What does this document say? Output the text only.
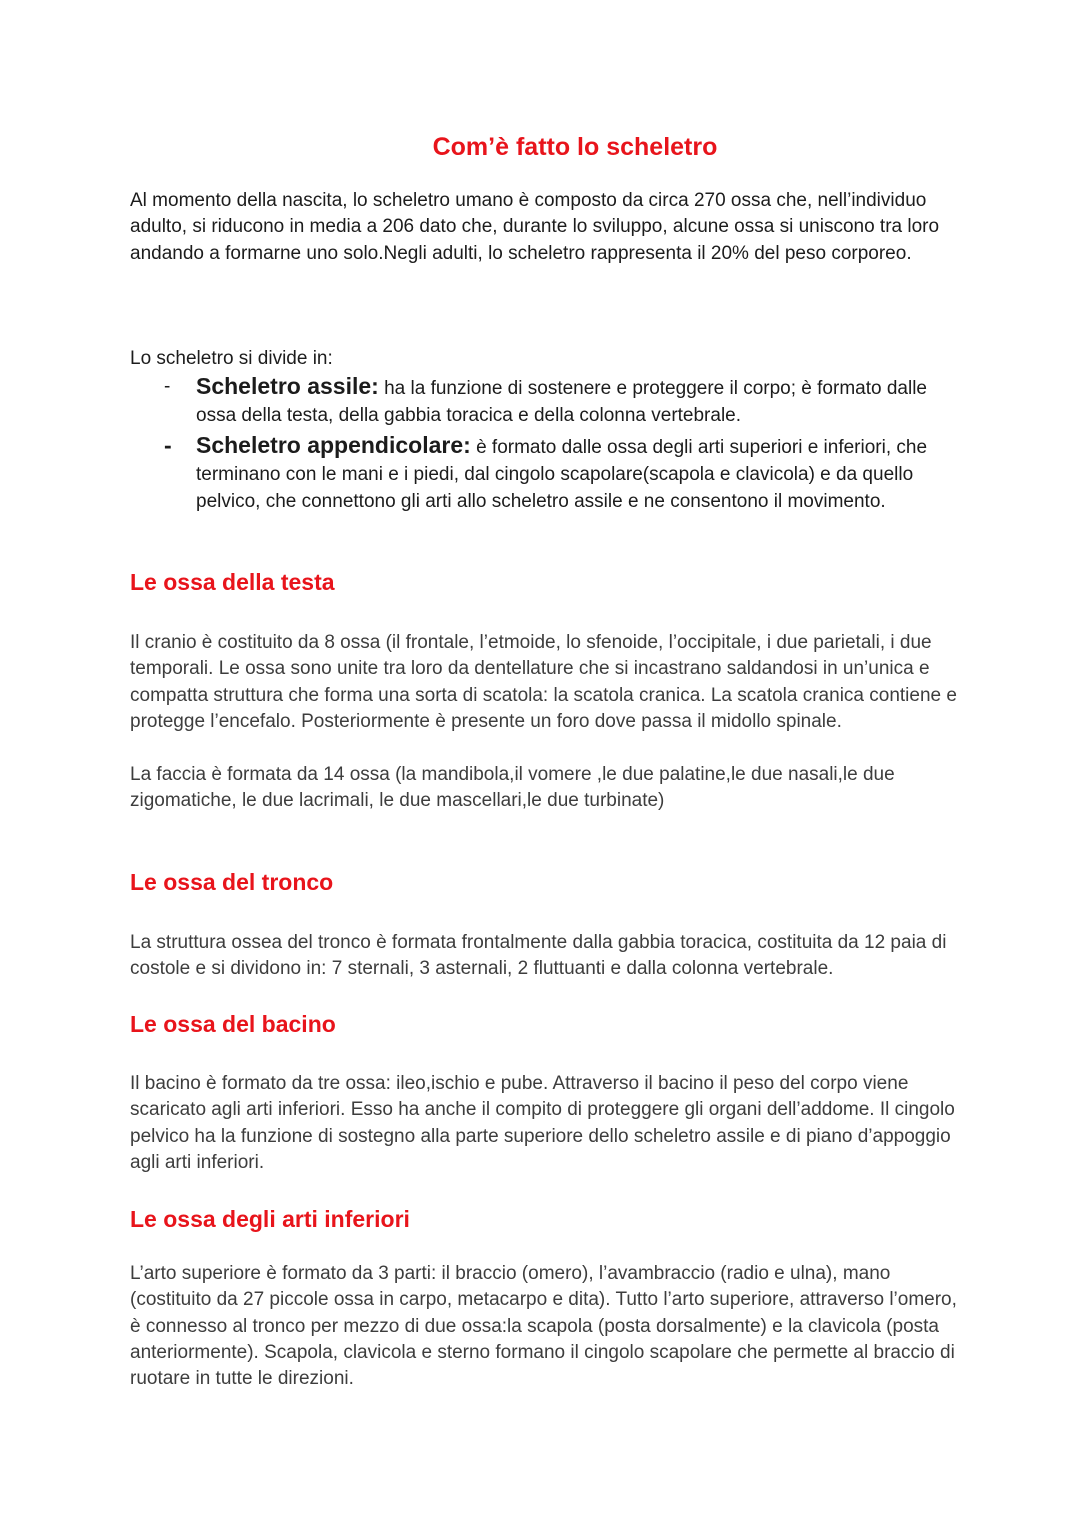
Com’è fatto lo scheletro

Al momento della nascita, lo scheletro umano è composto da circa 270 ossa che, nell’individuo adulto, si riducono in media a 206 dato che, durante lo sviluppo, alcune ossa si uniscono tra loro andando a formarne uno solo.Negli adulti, lo scheletro rappresenta il 20% del peso corporeo.

Lo scheletro si divide in:

- Scheletro assile: ha la funzione di sostenere e proteggere il corpo; è formato dalle ossa della testa, della gabbia toracica e della colonna vertebrale.
- Scheletro appendicolare: è formato dalle ossa degli arti superiori e inferiori, che terminano con le mani e i piedi, dal cingolo scapolare(scapola e clavicola) e da quello pelvico, che connettono gli arti allo scheletro assile e ne consentono il movimento.
Le ossa della testa

Il cranio è costituito da 8 ossa (il frontale, l’etmoide, lo sfenoide, l’occipitale, i due parietali, i due temporali. Le ossa sono unite tra loro da dentellature che si incastrano saldandosi in un’unica e compatta struttura che forma una sorta di scatola: la scatola cranica. La scatola cranica contiene e protegge l’encefalo. Posteriormente è presente un foro dove passa il midollo spinale.

La faccia è formata da 14 ossa (la mandibola,il vomere ,le due palatine,le due nasali,le due zigomatiche, le due lacrimali, le due mascellari,le due turbinate)

Le ossa del tronco

La struttura ossea del tronco è formata frontalmente dalla gabbia toracica, costituita da 12 paia di costole e si dividono in: 7 sternali, 3 asternali, 2 fluttuanti e dalla colonna vertebrale.

Le ossa del bacino

Il bacino è formato da tre ossa: ileo,ischio e pube. Attraverso il bacino il peso del corpo viene scaricato agli arti inferiori. Esso ha anche il compito di proteggere gli organi dell’addome. Il cingolo pelvico ha la funzione di sostegno alla parte superiore dello scheletro assile e di piano d’appoggio agli arti inferiori.

Le ossa degli arti inferiori

L’arto superiore è formato da 3 parti: il braccio (omero), l’avambraccio (radio e ulna), mano (costituito da 27 piccole ossa in carpo, metacarpo e dita). Tutto l’arto superiore, attraverso l’omero, è connesso al tronco per mezzo di due ossa:la scapola (posta dorsalmente) e la clavicola (posta anteriormente). Scapola, clavicola e sterno formano il cingolo scapolare che permette al braccio di ruotare in tutte le direzioni.
